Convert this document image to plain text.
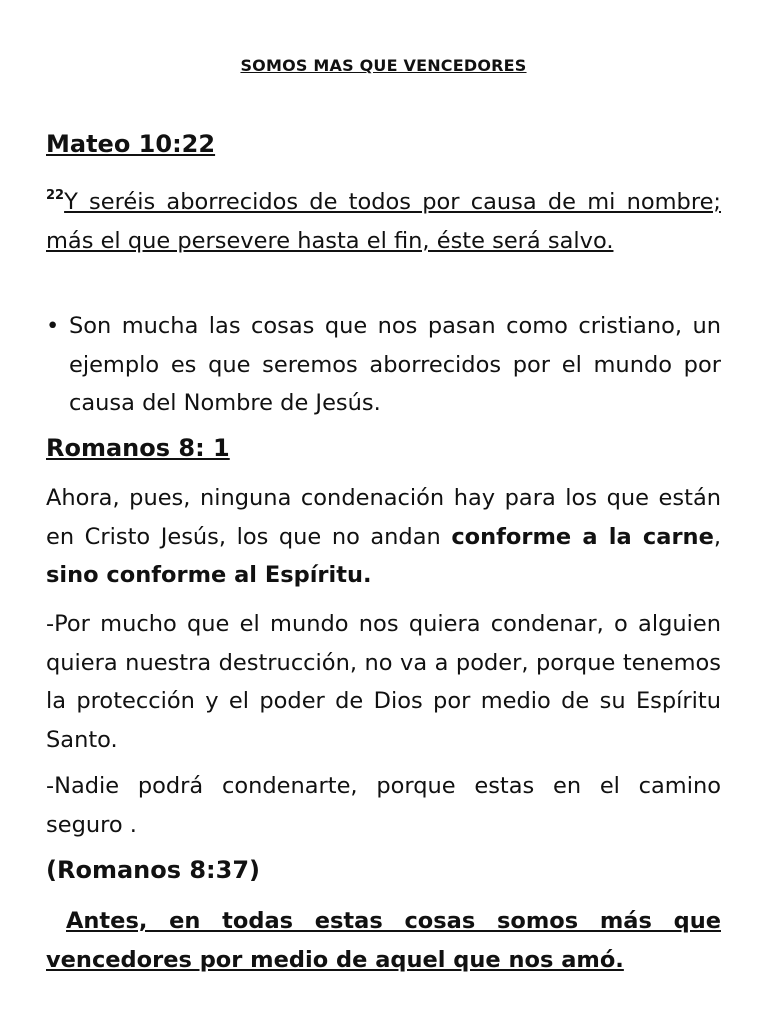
SOMOS MAS QUE VENCEDORES
Mateo 10:22
$^{22}$Y seréis aborrecidos de todos por causa de mi nombre; más el que persevere hasta el fin, éste será salvo.
• Son mucha las cosas que nos pasan como cristiano, un ejemplo es que seremos aborrecidos por el mundo por causa del Nombre de Jesús.
Romanos 8: 1
Ahora, pues, ninguna condenación hay para los que están en Cristo Jesús, los que no andan conforme a la carne, sino conforme al Espíritu.
-Por mucho que el mundo nos quiera condenar, o alguien quiera nuestra destrucción, no va a poder, porque tenemos la protección y el poder de Dios por medio de su Espíritu Santo.
-Nadie podrá condenarte, porque estas en el camino seguro .
(Romanos 8:37)
Antes, en todas estas cosas somos más que vencedores por medio de aquel que nos amó.
